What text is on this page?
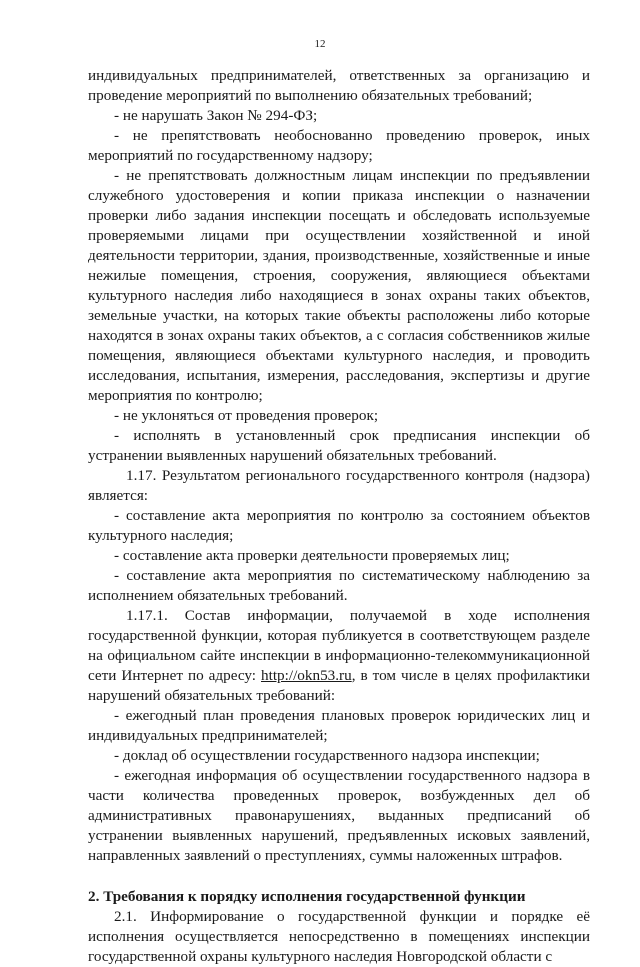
12

индивидуальных предпринимателей, ответственных за организацию и проведение мероприятий по выполнению обязательных требований;

- не нарушать Закон № 294-ФЗ;

- не препятствовать необоснованно проведению проверок, иных мероприятий по государственному надзору;

- не препятствовать должностным лицам инспекции по предъявлении служебного удостоверения и копии приказа инспекции о назначении проверки либо задания инспекции посещать и обследовать используемые проверяемыми лицами при осуществлении хозяйственной и иной деятельности территории, здания, производственные, хозяйственные и иные нежилые помещения, строения, сооружения, являющиеся объектами культурного наследия либо находящиеся в зонах охраны таких объектов, земельные участки, на которых такие объекты расположены либо которые находятся в зонах охраны таких объектов, а с согласия собственников жилые помещения, являющиеся объектами культурного наследия, и проводить исследования, испытания, измерения, расследования, экспертизы и другие мероприятия по контролю;

- не уклоняться от проведения проверок;

- исполнять в установленный срок предписания инспекции об устранении выявленных нарушений обязательных требований.

1.17. Результатом регионального государственного контроля (надзора) является:

- составление акта мероприятия по контролю за состоянием объектов культурного наследия;

- составление акта проверки деятельности проверяемых лиц;

- составление акта мероприятия по систематическому наблюдению за исполнением обязательных требований.

1.17.1. Состав информации, получаемой в ходе исполнения государственной функции, которая публикуется в соответствующем разделе на официальном сайте инспекции в информационно-телекоммуникационной сети Интернет по адресу: http://okn53.ru, в том числе в целях профилактики нарушений обязательных требований:

- ежегодный план проведения плановых проверок юридических лиц и индивидуальных предпринимателей;

- доклад об осуществлении государственного надзора инспекции;

- ежегодная информация об осуществлении государственного надзора в части количества проведенных проверок, возбужденных дел об административных правонарушениях, выданных предписаний об устранении выявленных нарушений, предъявленных исковых заявлений, направленных заявлений о преступлениях, суммы наложенных штрафов.

2. Требования к порядку исполнения государственной функции

2.1. Информирование о государственной функции и порядке её исполнения осуществляется непосредственно в помещениях инспекции государственной охраны культурного наследия Новгородской области с
